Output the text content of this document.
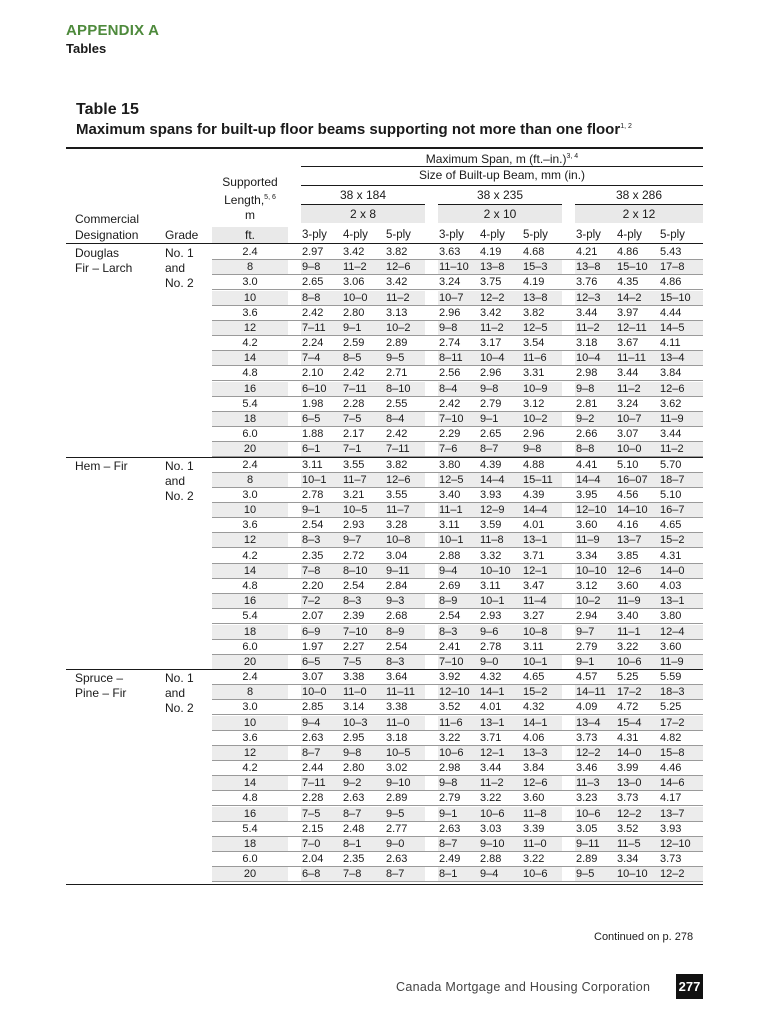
APPENDIX A
Tables
Table 15
Maximum spans for built-up floor beams supporting not more than one floor$^{1, 2}$
Maximum Span, m $(ft.-in.)^{3, 4}$
Size of Built-up Beam, mm (in.)
38 x 184	38 x 235	38 x 286
2 x 8	2 x 10	2 x 12
Supported
Length,$^{5, 6}$
m
ft.
Commercial
Designation Grade	3-ply	4-ply	5-ply	3-ply	4-ply	5-ply	3-ply	4-ply	5-ply
Douglas
Fir – Larch
No. 1
and
No. 2
2.4	2.97	3.42	3.82	3.63	4.19	4.68	4.21	4.86	5.43
8	9–8	11–2	12–6	11–10	13–8	15–3	13–8	15–10	17–8
3.0	2.65	3.06	3.42	3.24	3.75	4.19	3.76	4.35	4.86
10	8–8	10–0	11–2	10–7	12–2	13–8	12–3	14–2	15–10
3.6	2.42	2.80	3.13	2.96	3.42	3.82	3.44	3.97	4.44
12	7–11	9–1	10–2	9–8	11–2	12–5	11–2	12–11	14–5
4.2	2.24	2.59	2.89	2.74	3.17	3.54	3.18	3.67	4.11
14	7–4	8–5	9–5	8–11	10–4	11–6	10–4	11–11	13–4
4.8	2.10	2.42	2.71	2.56	2.96	3.31	2.98	3.44	3.84
16	6–10	7–11	8–10	8–4	9–8	10–9	9–8	11–2	12–6
5.4	1.98	2.28	2.55	2.42	2.79	3.12	2.81	3.24	3.62
18	6–5	7–5	8–4	7–10	9–1	10–2	9–2	10–7	11–9
6.0	1.88	2.17	2.42	2.29	2.65	2.96	2.66	3.07	3.44
20	6–1	7–1	7–11	7–6	8–7	9–8	8–8	10–0	11–2
Hem – Fir	No. 1
and
No. 2
2.4	3.11	3.55	3.82	3.80	4.39	4.88	4.41	5.10	5.70
8	10–1	11–7	12–6	12–5	14–4	15–11	14–4	16–07	18–7
3.0	2.78	3.21	3.55	3.40	3.93	4.39	3.95	4.56	5.10
10	9–1	10–5	11–7	11–1	12–9	14–4	12–10 14–10	16–7
3.6	2.54	2.93	3.28	3.11	3.59	4.01	3.60	4.16	4.65
12	8–3	9–7	10–8	10–1	11–8	13–1	11–9	13–7	15–2
4.2	2.35	2.72	3.04	2.88	3.32	3.71	3.34	3.85	4.31
14	7–8	8–10	9–11	9–4	10–10	12–1	10–10 12–6	14–0
4.8	2.20	2.54	2.84	2.69	3.11	3.47	3.12	3.60	4.03
16	7–2	8–3	9–3	8–9	10–1	11–4	10–2	11–9	13–1
5.4	2.07	2.39	2.68	2.54	2.93	3.27	2.94	3.40	3.80
18	6–9	7–10	8–9	8–3	9–6	10–8	9–7	11–1	12–4
6.0	1.97	2.27	2.54	2.41	2.78	3.11	2.79	3.22	3.60
20	6–5	7–5	8–3	7–10	9–0	10–1	9–1	10–6	11–9
Spruce –
Pine – Fir
No. 1
and
No. 2
2.4	3.07	3.38	3.64	3.92	4.32	4.65	4.57	5.25	5.59
8	10–0	11–0	11–11	12–10 14–1	15–2	14–11	17–2	18–3
3.0	2.85	3.14	3.38	3.52	4.01	4.32	4.09	4.72	5.25
10	9–4	10–3	11–0	11–6	13–1	14–1	13–4	15–4	17–2
3.6	2.63	2.95	3.18	3.22	3.71	4.06	3.73	4.31	4.82
12	8–7	9–8	10–5	10–6	12–1	13–3	12–2	14–0	15–8
4.2	2.44	2.80	3.02	2.98	3.44	3.84	3.46	3.99	4.46
14	7–11	9–2	9–10	9–8	11–2	12–6	11–3	13–0	14–6
4.8	2.28	2.63	2.89	2.79	3.22	3.60	3.23	3.73	4.17
16	7–5	8–7	9–5	9–1	10–6	11–8	10–6	12–2	13–7
5.4	2.15	2.48	2.77	2.63	3.03	3.39	3.05	3.52	3.93
18	7–0	8–1	9–0	8–7	9–10	11–0	9–11	11–5	12–10
6.0	2.04	2.35	2.63	2.49	2.88	3.22	2.89	3.34	3.73
20	6–8	7–8	8–7	8–1	9–4	10–6	9–5	10–10	12–2
Continued on p. 278
Canada Mortgage and Housing Corporation 277
